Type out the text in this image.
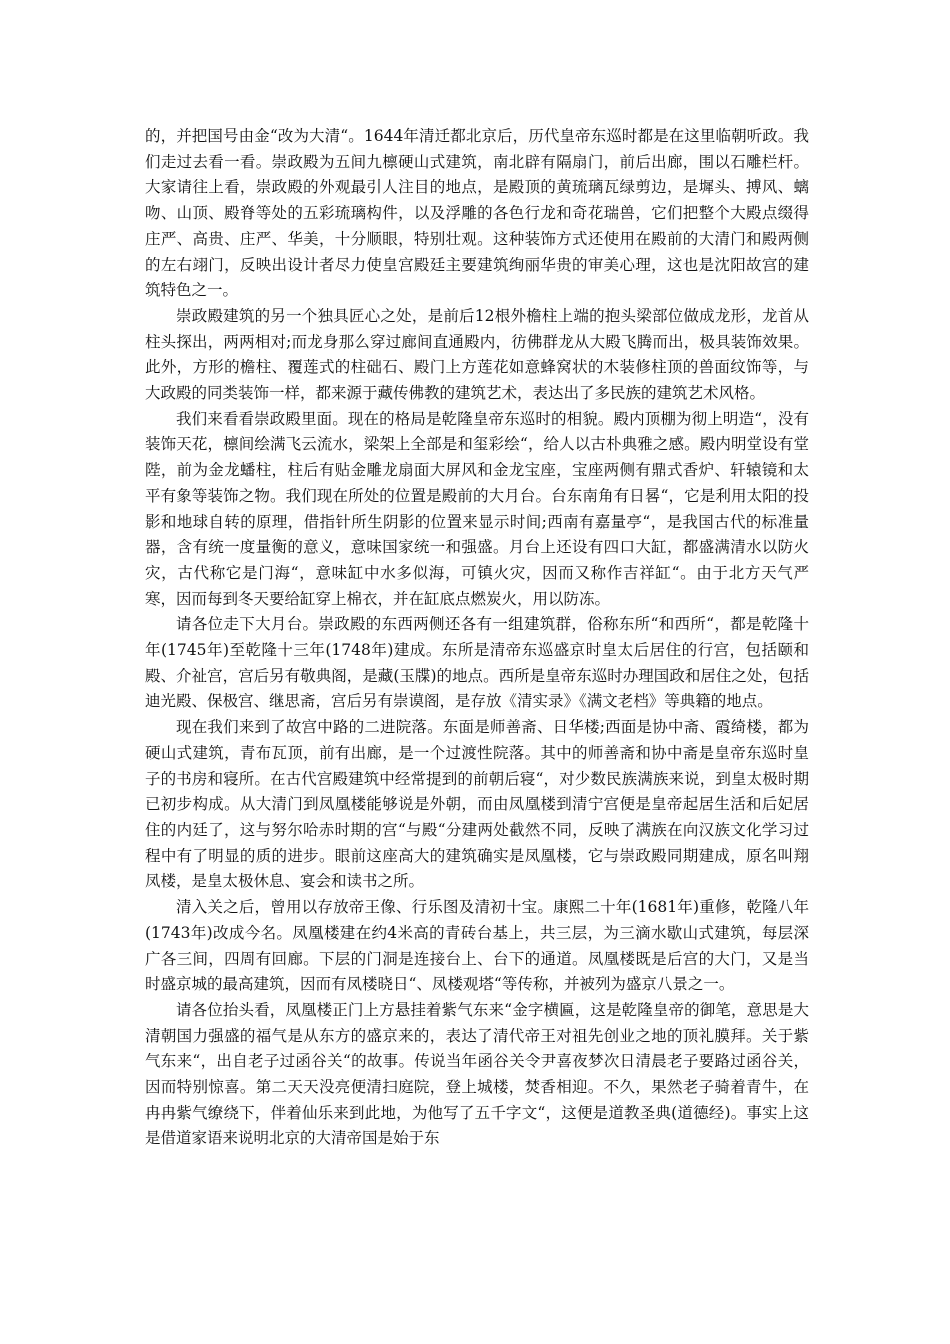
的，并把国号由金“改为大清“。1644年清迁都北京后，历代皇帝东巡时都是在这里临朝听政。我们走过去看一看。崇政殿为五间九檩硬山式建筑，南北辟有隔扇门，前后出廊，围以石雕栏杆。大家请往上看，崇政殿的外观最引人注目的地点，是殿顶的黄琉璃瓦绿剪边，是墀头、搏风、螭吻、山顶、殿脊等处的五彩琉璃构件，以及浮雕的各色行龙和奇花瑞兽，它们把整个大殿点缀得庄严、高贵、庄严、华美，十分顺眼，特别壮观。这种装饰方式还使用在殿前的大清门和殿两侧的左右翊门，反映出设计者尽力使皇宫殿廷主要建筑绚丽华贵的审美心理，这也是沈阳故宫的建筑特色之一。

崇政殿建筑的另一个独具匠心之处，是前后12根外檐柱上端的抱头梁部位做成龙形，龙首从柱头探出，两两相对;而龙身那么穿过廊间直通殿内，彷佛群龙从大殿飞腾而出，极具装饰效果。此外，方形的檐柱、覆莲式的柱础石、殿门上方莲花如意蜂窝状的木装修柱顶的兽面纹饰等，与大政殿的同类装饰一样，都来源于藏传佛教的建筑艺术，表达出了多民族的建筑艺术风格。

我们来看看崇政殿里面。现在的格局是乾隆皇帝东巡时的相貌。殿内顶棚为彻上明造“，没有装饰天花，檩间绘满飞云流水，梁架上全部是和玺彩绘“，给人以古朴典雅之感。殿内明堂设有堂陛，前为金龙蟠柱，柱后有贴金雕龙扇面大屏风和金龙宝座，宝座两侧有鼎式香炉、轩辕镜和太平有象等装饰之物。我们现在所处的位置是殿前的大月台。台东南角有日晷“，它是利用太阳的投影和地球自转的原理，借指针所生阴影的位置来显示时间;西南有嘉量亭“，是我国古代的标准量器，含有统一度量衡的意义，意味国家统一和强盛。月台上还设有四口大缸，都盛满清水以防火灾，古代称它是门海“，意味缸中水多似海，可镇火灾，因而又称作吉祥缸“。由于北方天气严寒，因而每到冬天要给缸穿上棉衣，并在缸底点燃炭火，用以防冻。

请各位走下大月台。崇政殿的东西两侧还各有一组建筑群，俗称东所“和西所“，都是乾隆十年(1745年)至乾隆十三年(1748年)建成。东所是清帝东巡盛京时皇太后居住的行宫，包括颐和殿、介祉宫，宫后另有敬典阁，是藏(玉牒)的地点。西所是皇帝东巡时办理国政和居住之处，包括迪光殿、保极宫、继思斋，宫后另有崇谟阁，是存放《清实录》《满文老档》等典籍的地点。

现在我们来到了故宫中路的二进院落。东面是师善斋、日华楼;西面是协中斋、霞绮楼，都为硬山式建筑，青布瓦顶，前有出廊，是一个过渡性院落。其中的师善斋和协中斋是皇帝东巡时皇子的书房和寝所。在古代宫殿建筑中经常提到的前朝后寝“，对少数民族满族来说，到皇太极时期已初步构成。从大清门到凤凰楼能够说是外朝，而由凤凰楼到清宁宫便是皇帝起居生活和后妃居住的内廷了，这与努尔哈赤时期的宫“与殿“分建两处截然不同，反映了满族在向汉族文化学习过程中有了明显的质的进步。眼前这座高大的建筑确实是凤凰楼，它与崇政殿同期建成，原名叫翔凤楼，是皇太极休息、宴会和读书之所。

清入关之后，曾用以存放帝王像、行乐图及清初十宝。康熙二十年(1681年)重修，乾隆八年(1743年)改成今名。凤凰楼建在约4米高的青砖台基上，共三层，为三滴水歇山式建筑，每层深广各三间，四周有回廊。下层的门洞是连接台上、台下的通道。凤凰楼既是后宫的大门，又是当时盛京城的最高建筑，因而有凤楼晓日“、凤楼观塔“等传称，并被列为盛京八景之一。

请各位抬头看，凤凰楼正门上方悬挂着紫气东来“金字横匾，这是乾隆皇帝的御笔，意思是大清朝国力强盛的福气是从东方的盛京来的，表达了清代帝王对祖先创业之地的顶礼膜拜。关于紫气东来“，出自老子过函谷关“的故事。传说当年函谷关令尹喜夜梦次日清晨老子要路过函谷关，因而特别惊喜。第二天天没亮便清扫庭院，登上城楼，焚香相迎。不久，果然老子骑着青牛，在冉冉紫气缭绕下，伴着仙乐来到此地，为他写了五千字文“，这便是道教圣典(道德经)。事实上这是借道家语来说明北京的大清帝国是始于东
